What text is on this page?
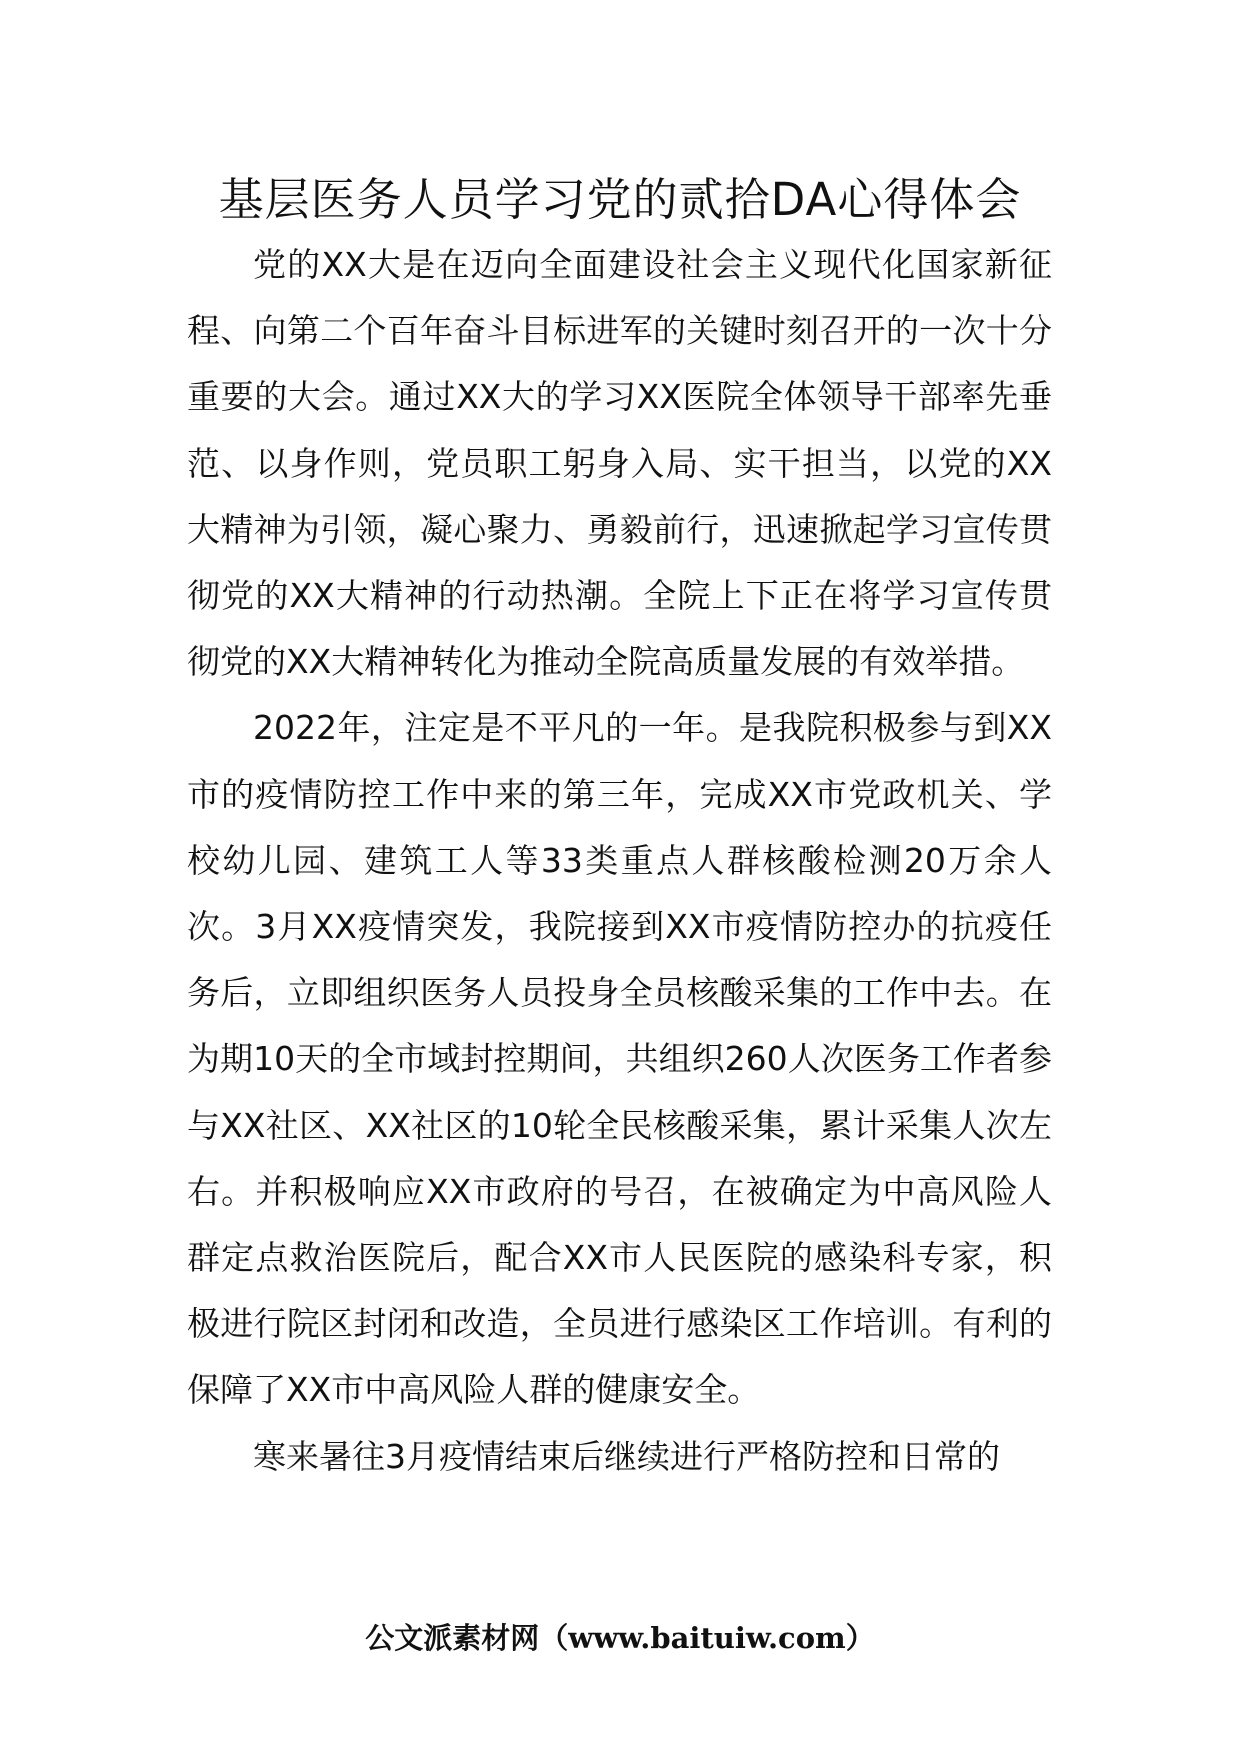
基层医务人员学习党的贰拾DA心得体会

党的XX大是在迈向全面建设社会主义现代化国家新征程、向第二个百年奋斗目标进军的关键时刻召开的一次十分重要的大会。通过XX大的学习XX医院全体领导干部率先垂范、以身作则，党员职工躬身入局、实干担当，以党的XX大精神为引领，凝心聚力、勇毅前行，迅速掀起学习宣传贯彻党的XX大精神的行动热潮。全院上下正在将学习宣传贯彻党的XX大精神转化为推动全院高质量发展的有效举措。

2022年，注定是不平凡的一年。是我院积极参与到XX市的疫情防控工作中来的第三年，完成XX市党政机关、学校幼儿园、建筑工人等33类重点人群核酸检测20万余人次。3月XX疫情突发，我院接到XX市疫情防控办的抗疫任务后，立即组织医务人员投身全员核酸采集的工作中去。在为期10天的全市域封控期间，共组织260人次医务工作者参与XX社区、XX社区的10轮全民核酸采集，累计采集人次左右。并积极响应XX市政府的号召，在被确定为中高风险人群定点救治医院后，配合XX市人民医院的感染科专家，积极进行院区封闭和改造，全员进行感染区工作培训。有利的保障了XX市中高风险人群的健康安全。

寒来暑往3月疫情结束后继续进行严格防控和日常的

公文派素材网（www.baituiw.com）
